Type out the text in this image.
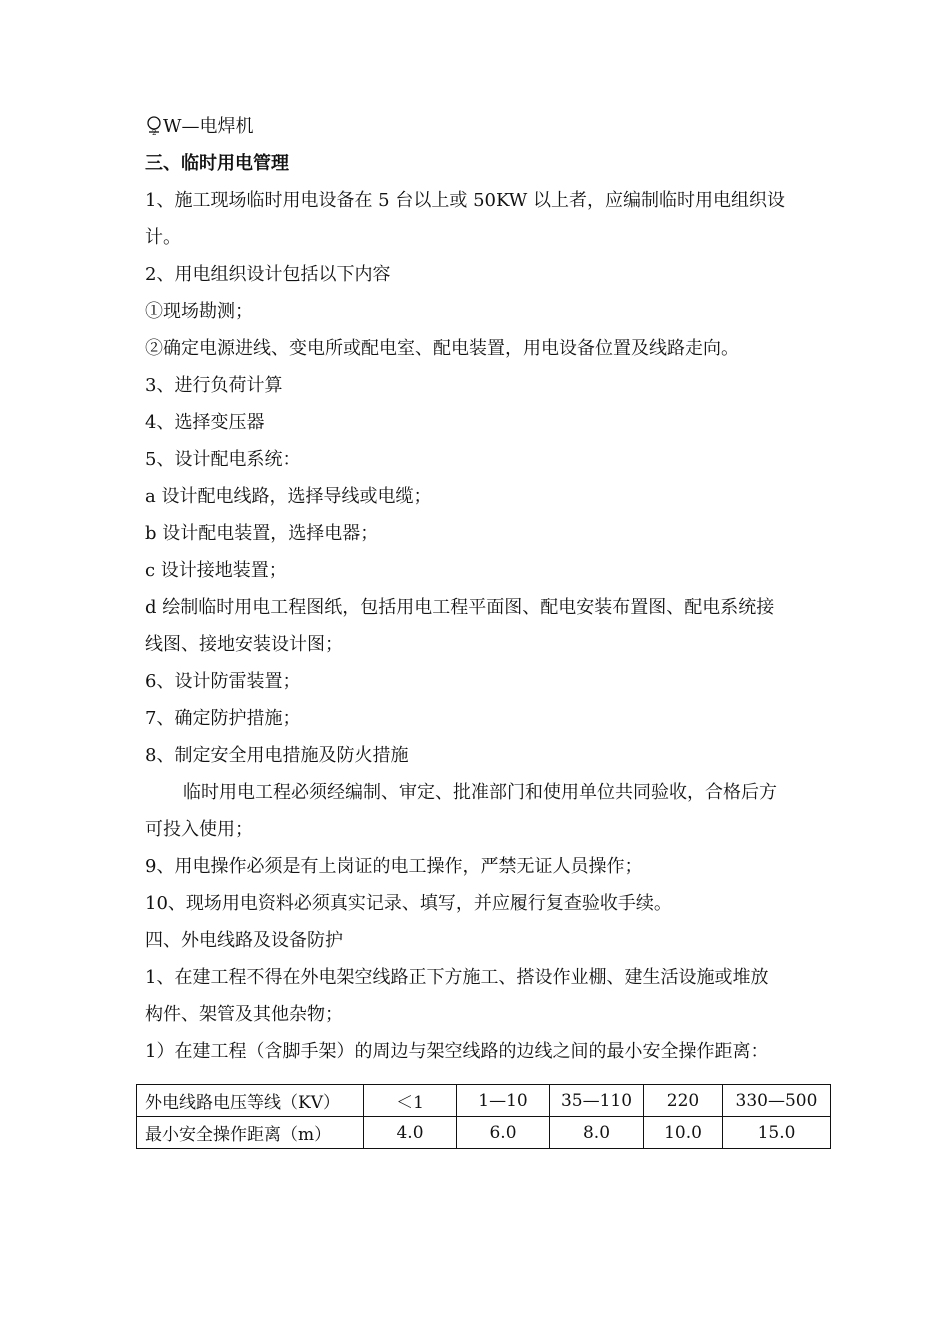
2 W—电焊机
三、临时用电管理
1、施工现场临时用电设备在 5 台以上或 50KW 以上者，应编制临时用电组织设
计。
2、用电组织设计包括以下内容
①现场勘测；
②确定电源进线、变电所或配电室、配电装置，用电设备位置及线路走向。
3、进行负荷计算
4、选择变压器
5、设计配电系统：
a 设计配电线路，选择导线或电缆；
b 设计配电装置，选择电器；
c 设计接地装置；
d 绘制临时用电工程图纸，包括用电工程平面图、配电安装布置图、配电系统接
线图、接地安装设计图；
6、设计防雷装置；
7、确定防护措施；
8、制定安全用电措施及防火措施
临时用电工程必须经编制、审定、批准部门和使用单位共同验收，合格后方
可投入使用；
9、用电操作必须是有上岗证的电工操作，严禁无证人员操作；
10、现场用电资料必须真实记录、填写，并应履行复查验收手续。
四、外电线路及设备防护
1、在建工程不得在外电架空线路正下方施工、搭设作业棚、建生活设施或堆放
构件、架管及其他杂物；
1）在建工程（含脚手架）的周边与架空线路的边线之间的最小安全操作距离：
外电线路电压等线（KV）	＜1	1—10	35—110	220	330—500
最小安全操作距离（m）	4.0	6.0	8.0	10.0	15.0
